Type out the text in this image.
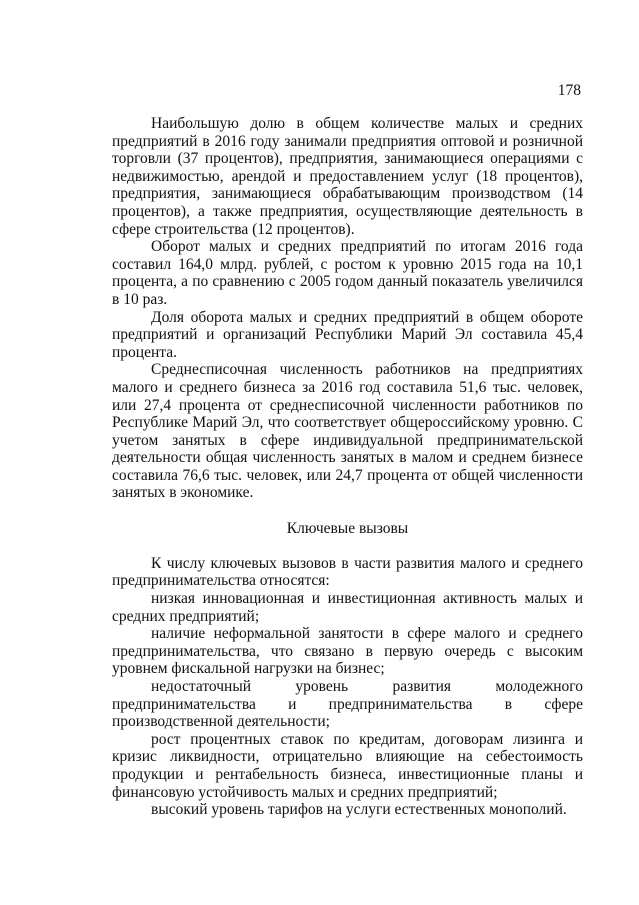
178

Наибольшую долю в общем количестве малых и средних предприятий в 2016 году занимали предприятия оптовой и розничной торговли (37 процентов), предприятия, занимающиеся операциями с недвижимостью, арендой и предоставлением услуг (18 процентов), предприятия, занимающиеся обрабатывающим производством (14 процентов), а также предприятия, осуществляющие деятельность в сфере строительства (12 процентов).

Оборот малых и средних предприятий по итогам 2016 года составил 164,0 млрд. рублей, с ростом к уровню 2015 года на 10,1 процента, а по сравнению с 2005 годом данный показатель увеличился в 10 раз.

Доля оборота малых и средних предприятий в общем обороте предприятий и организаций Республики Марий Эл составила 45,4 процента.

Среднесписочная численность работников на предприятиях малого и среднего бизнеса за 2016 год составила 51,6 тыс. человек, или 27,4 процента от среднесписочной численности работников по Республике Марий Эл, что соответствует общероссийскому уровню. С учетом занятых в сфере индивидуальной предпринимательской деятельности общая численность занятых в малом и среднем бизнесе составила 76,6 тыс. человек, или 24,7 процента от общей численности занятых в экономике.

Ключевые вызовы

К числу ключевых вызовов в части развития малого и среднего предпринимательства относятся:

низкая инновационная и инвестиционная активность малых и средних предприятий;

наличие неформальной занятости в сфере малого и среднего предпринимательства, что связано в первую очередь с высоким уровнем фискальной нагрузки на бизнес;

недостаточный уровень развития молодежного предпринимательства и предпринимательства в сфере производственной деятельности;

рост процентных ставок по кредитам, договорам лизинга и кризис ликвидности, отрицательно влияющие на себестоимость продукции и рентабельность бизнеса, инвестиционные планы и финансовую устойчивость малых и средних предприятий;

высокий уровень тарифов на услуги естественных монополий.
